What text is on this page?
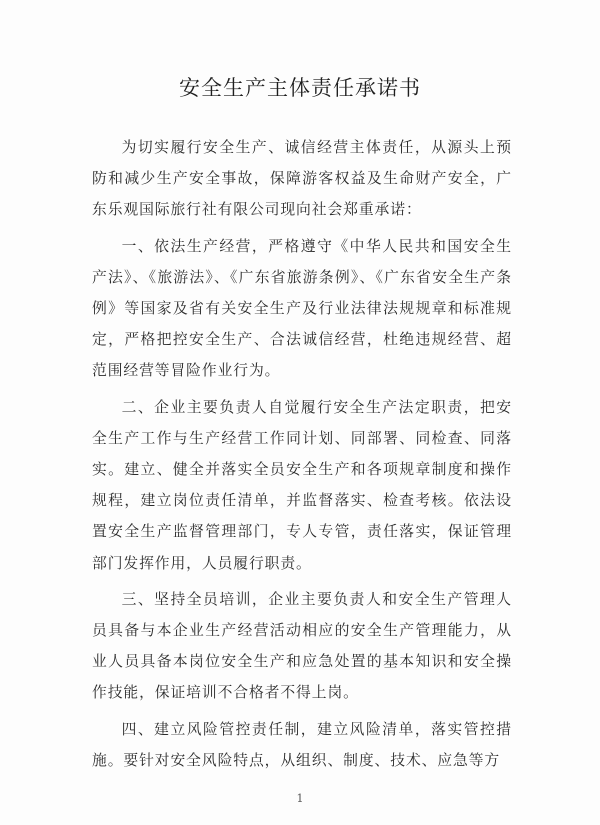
安全生产主体责任承诺书

为切实履行安全生产、诚信经营主体责任，从源头上预防和减少生产安全事故，保障游客权益及生命财产安全，广东乐观国际旅行社有限公司现向社会郑重承诺：

一、依法生产经营，严格遵守《中华人民共和国安全生产法》、《旅游法》、《广东省旅游条例》、《广东省安全生产条例》等国家及省有关安全生产及行业法律法规规章和标准规定，严格把控安全生产、合法诚信经营，杜绝违规经营、超范围经营等冒险作业行为。

二、企业主要负责人自觉履行安全生产法定职责，把安全生产工作与生产经营工作同计划、同部署、同检查、同落实。建立、健全并落实全员安全生产和各项规章制度和操作规程，建立岗位责任清单，并监督落实、检查考核。依法设置安全生产监督管理部门，专人专管，责任落实，保证管理部门发挥作用，人员履行职责。

三、坚持全员培训，企业主要负责人和安全生产管理人员具备与本企业生产经营活动相应的安全生产管理能力，从业人员具备本岗位安全生产和应急处置的基本知识和安全操作技能，保证培训不合格者不得上岗。

四、建立风险管控责任制，建立风险清单，落实管控措施。要针对安全风险特点，从组织、制度、技术、应急等方

1
